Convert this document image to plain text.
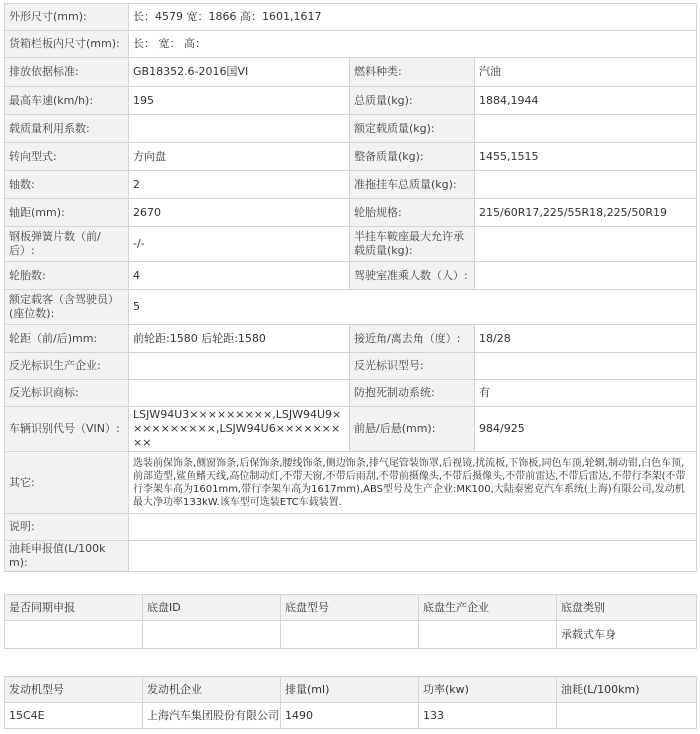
外形尺寸(mm):	长：4579 宽：1866 高：1601,1617		
货箱栏板内尺寸(mm):	长： 宽： 高：		
排放依据标准:	GB18352.6-2016国VI	燃料种类:	汽油
最高车速(km/h):	195	总质量(kg):	1884,1944
载质量利用系数:		额定载质量(kg):	
转向型式:	方向盘	整备质量(kg):	1455,1515
轴数:	2	准拖挂车总质量(kg):	
轴距(mm):	2670	轮胎规格:	215/60R17,225/55R18,225/50R19
钢板弹簧片数（前/后）:	-/-	半挂车鞍座最大允许承载质量(kg):	
轮胎数:	4	驾驶室准乘人数（人）:	
额定载客（含驾驶员）(座位数):	5		
轮距（前/后)mm:	前轮距:1580 后轮距:1580	接近角/离去角（度）:	18/28
反光标识生产企业:		反光标识型号:	
反光标识商标:		防抱死制动系统:	有
车辆识别代号（VIN）:	LSJW94U3×××××××××,LSJW94U9××××××××××,LSJW94U6×××××××××	前悬/后悬(mm):	984/925
其它:	选装前保饰条,侧窗饰条,后保饰条,腰线饰条,侧边饰条,排气尾管装饰罩,后视镜,扰流板,下饰板,同色车顶,轮辋,制动钳,白色车顶,前部造型,鲨鱼鳍天线,高位制动灯,不带天窗,不带后雨刮,不带前摄像头,不带后摄像头,不带前雷达,不带后雷达,不带行李架(不带行李架车高为1601mm,带行李架车高为1617mm),ABS型号及生产企业:MK100,大陆泰密克汽车系统(上海)有限公司,发动机最大净功率133kW.该车型可选装ETC车载装置.		
说明:			
油耗申报值(L/100km):			
是否同期申报	底盘ID	底盘型号	底盘生产企业	底盘类别
				承载式车身
发动机型号	发动机企业	排量(ml)	功率(kw)	油耗(L/100km)
15C4E	上海汽车集团股份有限公司	1490	133	
